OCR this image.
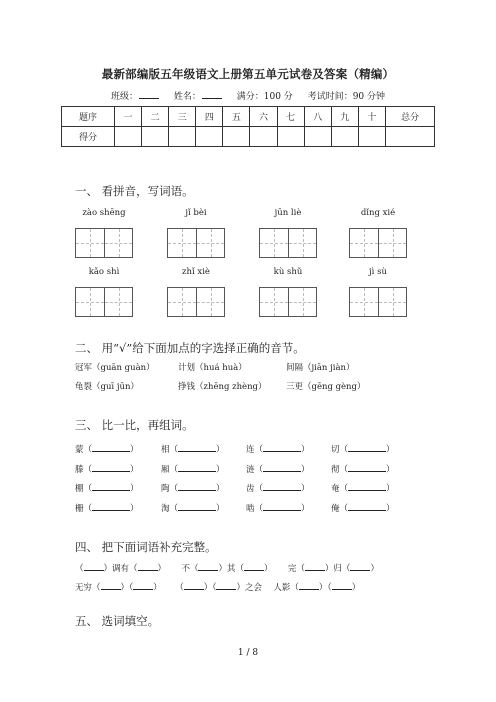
最新部编版五年级语文上册第五单元试卷及答案（精编）
班级：	姓名：	满分：100 分 考试时间：90 分钟
题序	一	二	三	四	五	六	七	八	九	十	总分
得分											
一、 看拼音，写词语。
zào shēng	jǐ bèi	jūn liè	dǐng xié
kǎo shì	zhǐ xiè	kù shǔ	jì sù
二、 用“√”给下面加点的字选择正确的音节。
冠军（guān guàn）	计划（huá huà）	间隔（jiān jiàn）
龟裂（guī jūn）	挣钱（zhēng zhèng） 三更（gēng gèng）
三、 比一比，再组词。
蒙（	）	相（	）	连（	）	切（	）
滕（	）	厢（	）	涟（	）	彻（	）
棚（	）	陶（	）	齿（	）	奄（	）
栅（	）	淘（	）	啮（	）	俺（	）
四、 把下面词语补充完整。
（ ）调有（ ） 不（ ）其（ ） 完（ ）归（ ）
无穷（ ）（ ） （ ）（ ）之会 人影（ ）（ ）
五、 选词填空。
1 / 8
